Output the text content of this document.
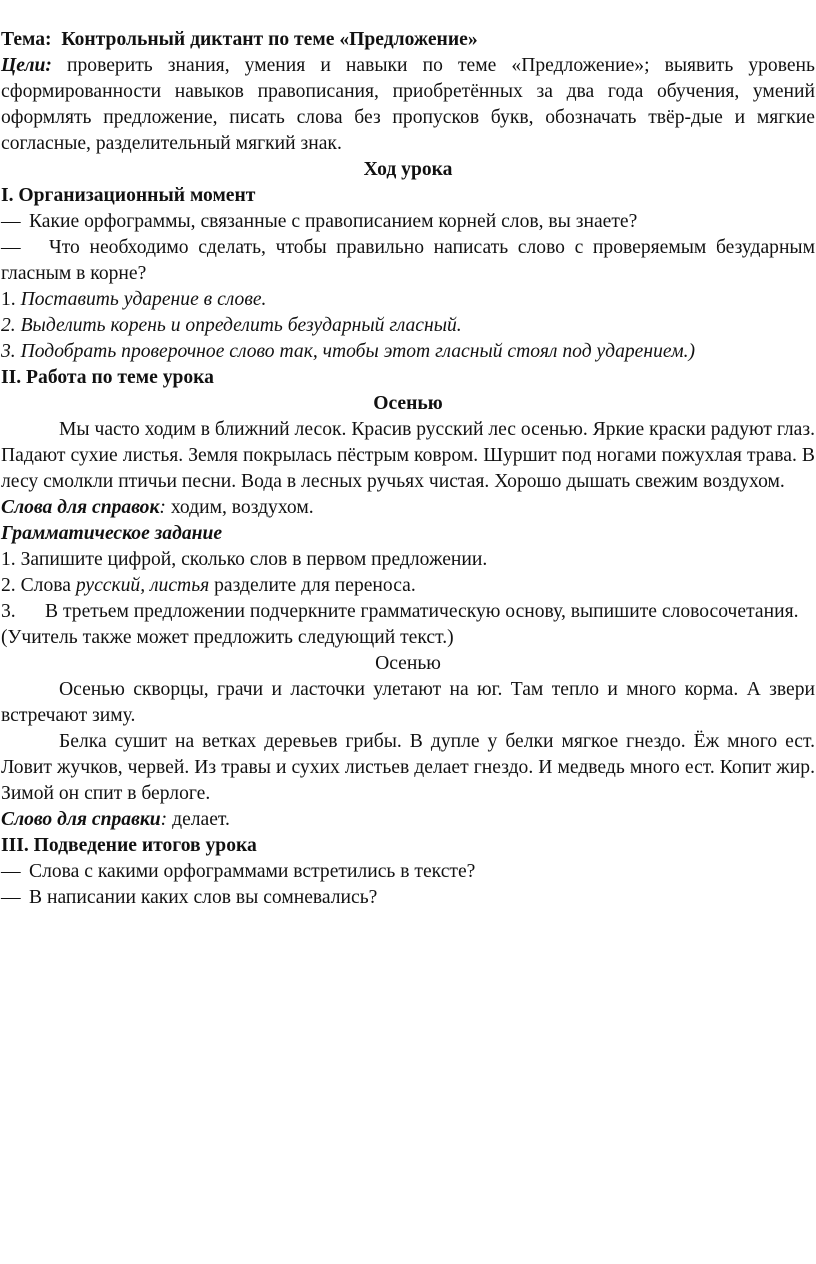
Тема: Контрольный диктант по теме «Предложение»

Цели: проверить знания, умения и навыки по теме «Предложение»; выявить уровень сформированности навыков правописания, приобретённых за два года обучения, умений оформлять предложение, писать слова без пропусков букв, обозначать твёр-дые и мягкие согласные, разделительный мягкий знак.

Ход урока

I. Организационный момент

— Какие орфограммы, связанные с правописанием корней слов, вы знаете?

— Что необходимо сделать, чтобы правильно написать слово с проверяемым безударным гласным в корне?

1. Поставить ударение в слове.

2. Выделить корень и определить безударный гласный.

3. Подобрать проверочное слово так, чтобы этот гласный стоял под ударением.)

II. Работа по теме урока

Осенью

Мы часто ходим в ближний лесок. Красив русский лес осенью. Яркие краски радуют глаз. Падают сухие листья. Земля покрылась пёстрым ковром. Шуршит под ногами пожухлая трава. В лесу смолкли птичьи песни. Вода в лесных ручьях чистая. Хорошо дышать свежим воздухом.

Слова для справок: ходим, воздухом.

Грамматическое задание

1. Запишите цифрой, сколько слов в первом предложении.

2. Слова русский, листья разделите для переноса.

3. В третьем предложении подчеркните грамматическую основу, выпишите словосочетания.

(Учитель также может предложить следующий текст.)

Осенью

Осенью скворцы, грачи и ласточки улетают на юг. Там тепло и много корма. А звери встречают зиму.

Белка сушит на ветках деревьев грибы. В дупле у белки мягкое гнездо. Ёж много ест. Ловит жучков, червей. Из травы и сухих листьев делает гнездо. И медведь много ест. Копит жир. Зимой он спит в берлоге.

Слово для справки: делает.

III. Подведение итогов урока

— Слова с какими орфограммами встретились в тексте?

— В написании каких слов вы сомневались?
